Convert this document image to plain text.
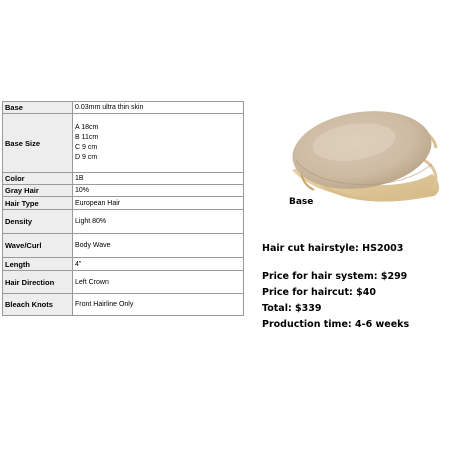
Base	0.03mm ultra thin skin
Base Size	A 18cm
B 11cm
C 9 cm
D 9 cm

Color	1B
Gray Hair	10%
Hair Type	European Hair
Density	Light 80%
Wave/Curl	Body Wave
Length	4"
Hair Direction	Left Crown
Bleach Knots	Front Hairline Only
Base
Hair cut hairstyle: HS2003
Price for hair system: $299
Price for haircut: $40
Total: $339
Production time: 4-6 weeks
